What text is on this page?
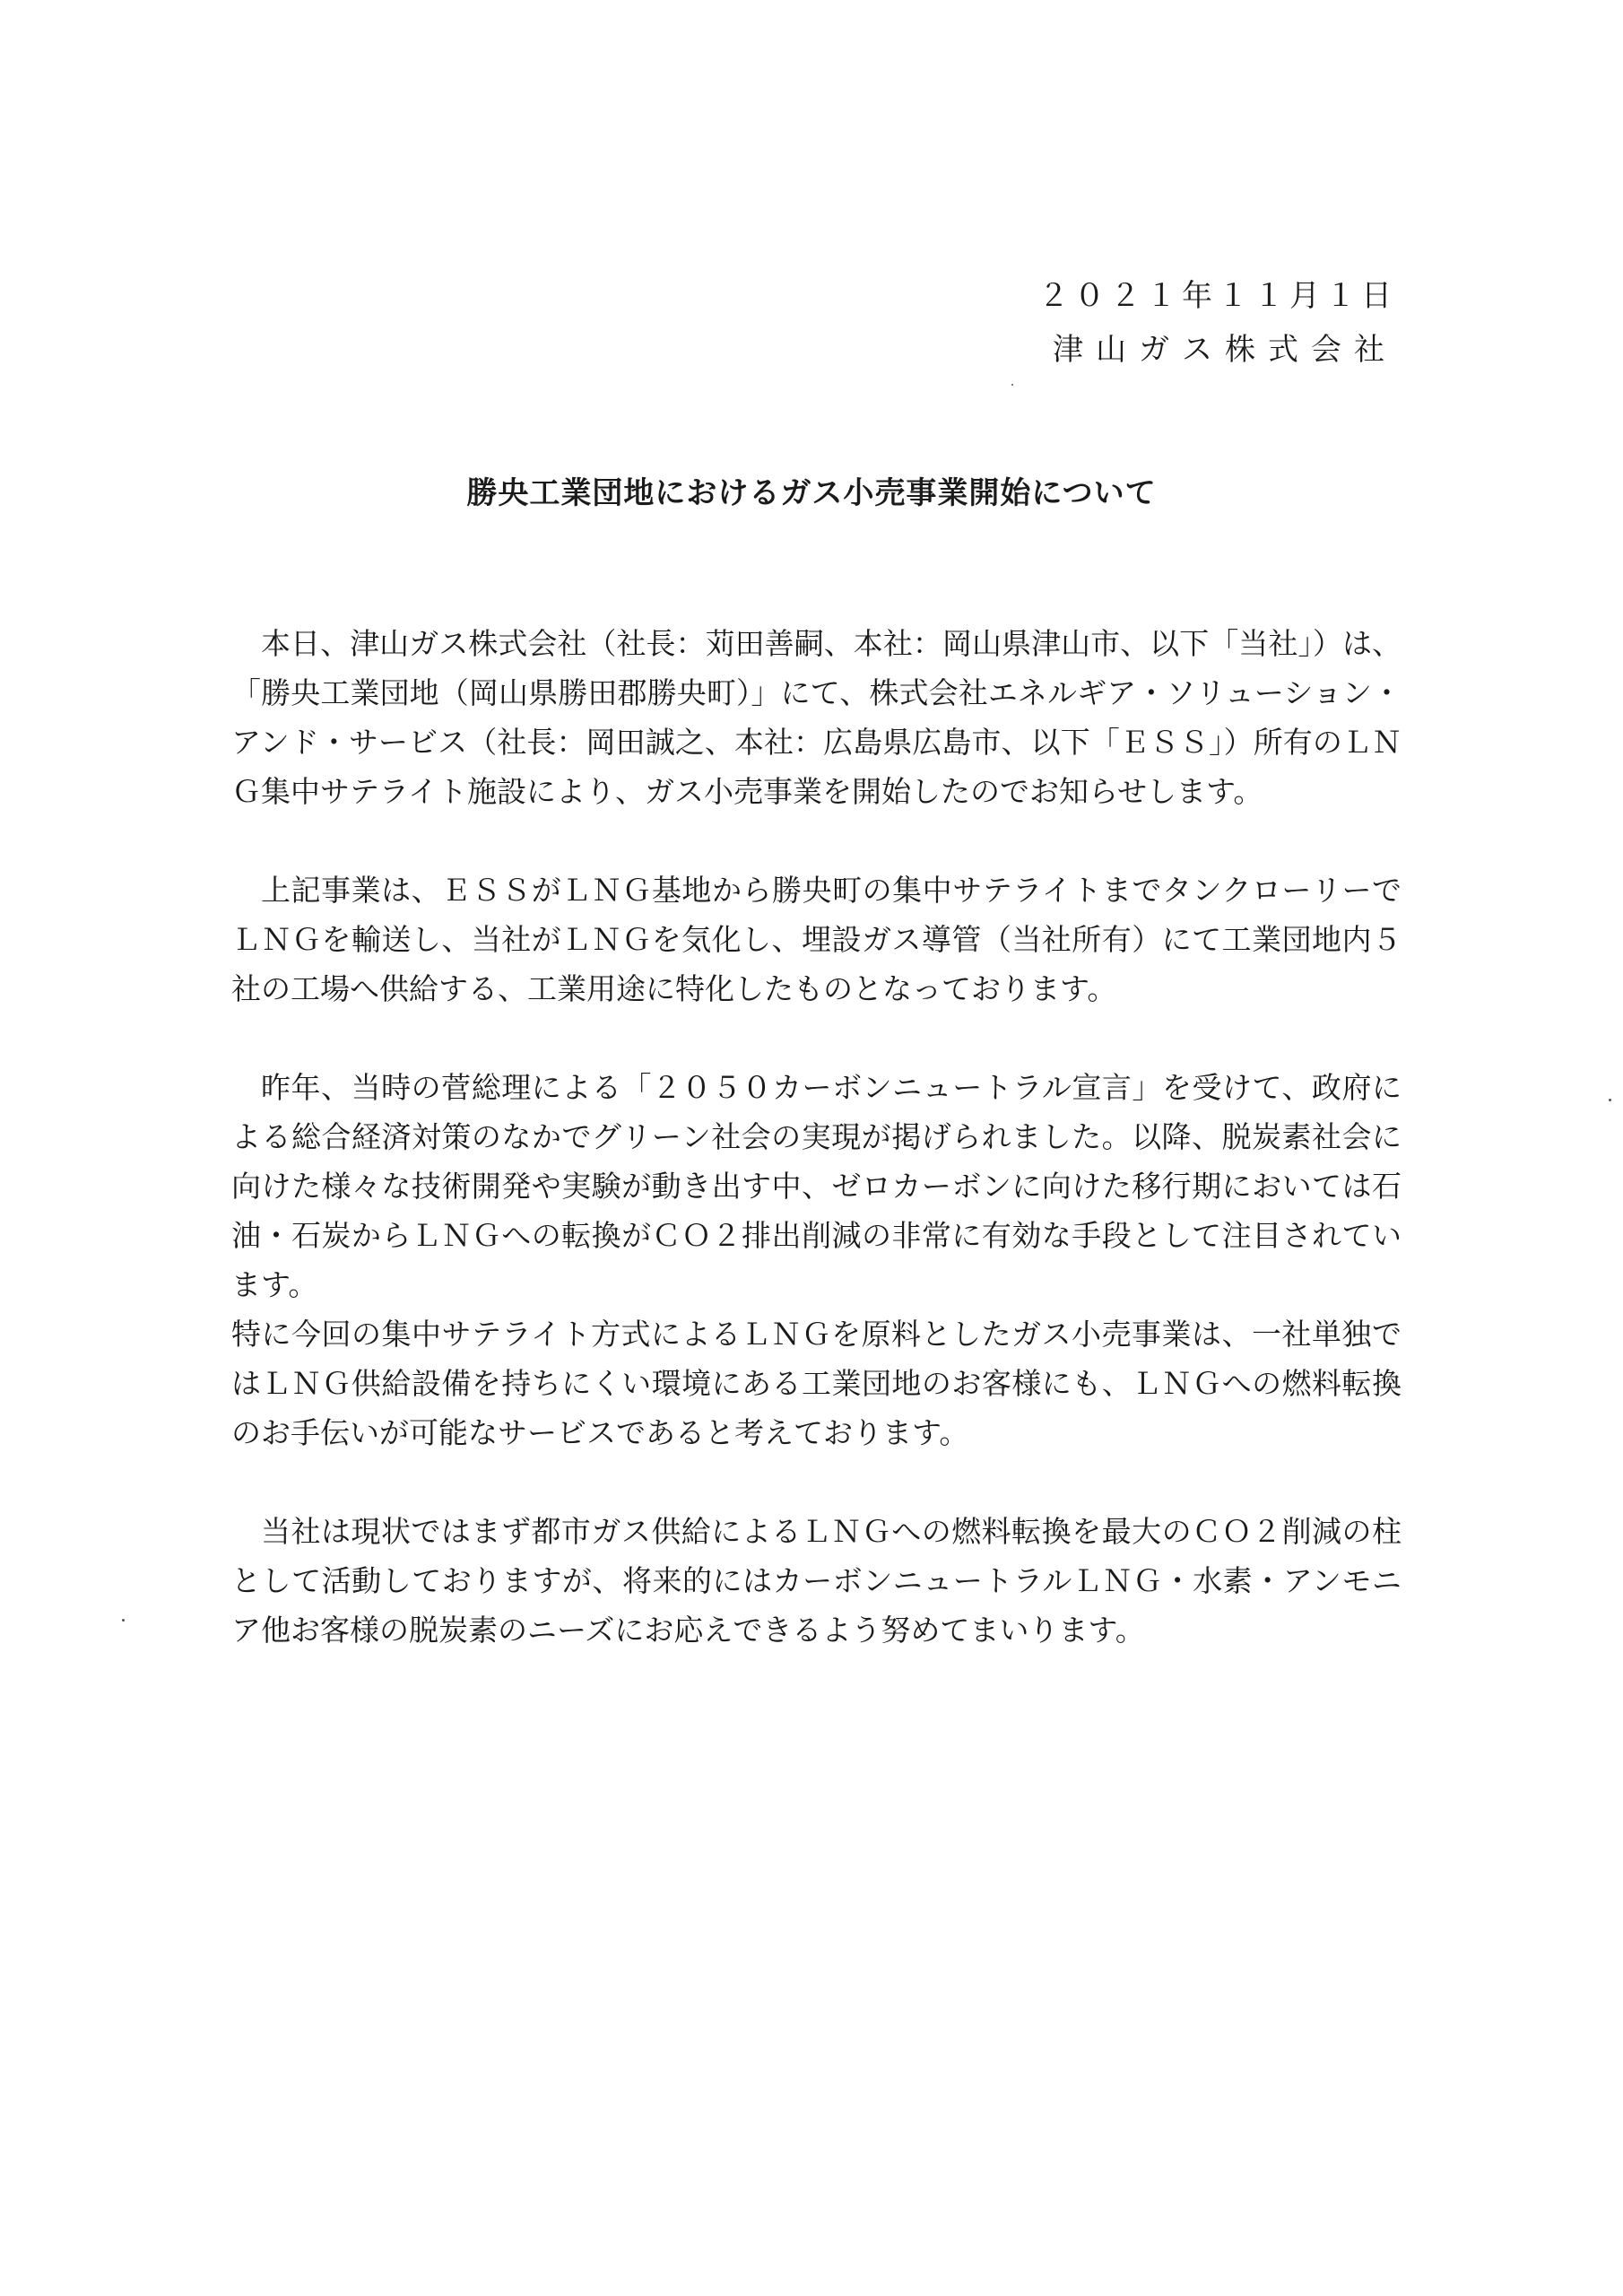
２０２１年１１月１日
津山ガス株式会社
勝央工業団地におけるガス小売事業開始について

本日、津山ガス株式会社（社長：苅田善嗣、本社：岡山県津山市、以下「当社」）は、「勝央工業団地（岡山県勝田郡勝央町）」にて、株式会社エネルギア・ソリューション・アンド・サービス（社長：岡田誠之、本社：広島県広島市、以下「ＥＳＳ」）所有のＬＮＧ集中サテライト施設により、ガス小売事業を開始したのでお知らせします。

上記事業は、ＥＳＳがＬＮＧ基地から勝央町の集中サテライトまでタンクローリーでＬＮＧを輸送し、当社がＬＮＧを気化し、埋設ガス導管（当社所有）にて工業団地内５社の工場へ供給する、工業用途に特化したものとなっております。

昨年、当時の菅総理による「２０５０カーボンニュートラル宣言」を受けて、政府による総合経済対策のなかでグリーン社会の実現が掲げられました。以降、脱炭素社会に向けた様々な技術開発や実験が動き出す中、ゼロカーボンに向けた移行期においては石油・石炭からＬＮＧへの転換がＣＯ２排出削減の非常に有効な手段として注目されています。

特に今回の集中サテライト方式によるＬＮＧを原料としたガス小売事業は、一社単独ではＬＮＧ供給設備を持ちにくい環境にある工業団地のお客様にも、ＬＮＧへの燃料転換のお手伝いが可能なサービスであると考えております。

当社は現状ではまず都市ガス供給によるＬＮＧへの燃料転換を最大のＣＯ２削減の柱として活動しておりますが、将来的にはカーボンニュートラルＬＮＧ・水素・アンモニア他お客様の脱炭素のニーズにお応えできるよう努めてまいります。
